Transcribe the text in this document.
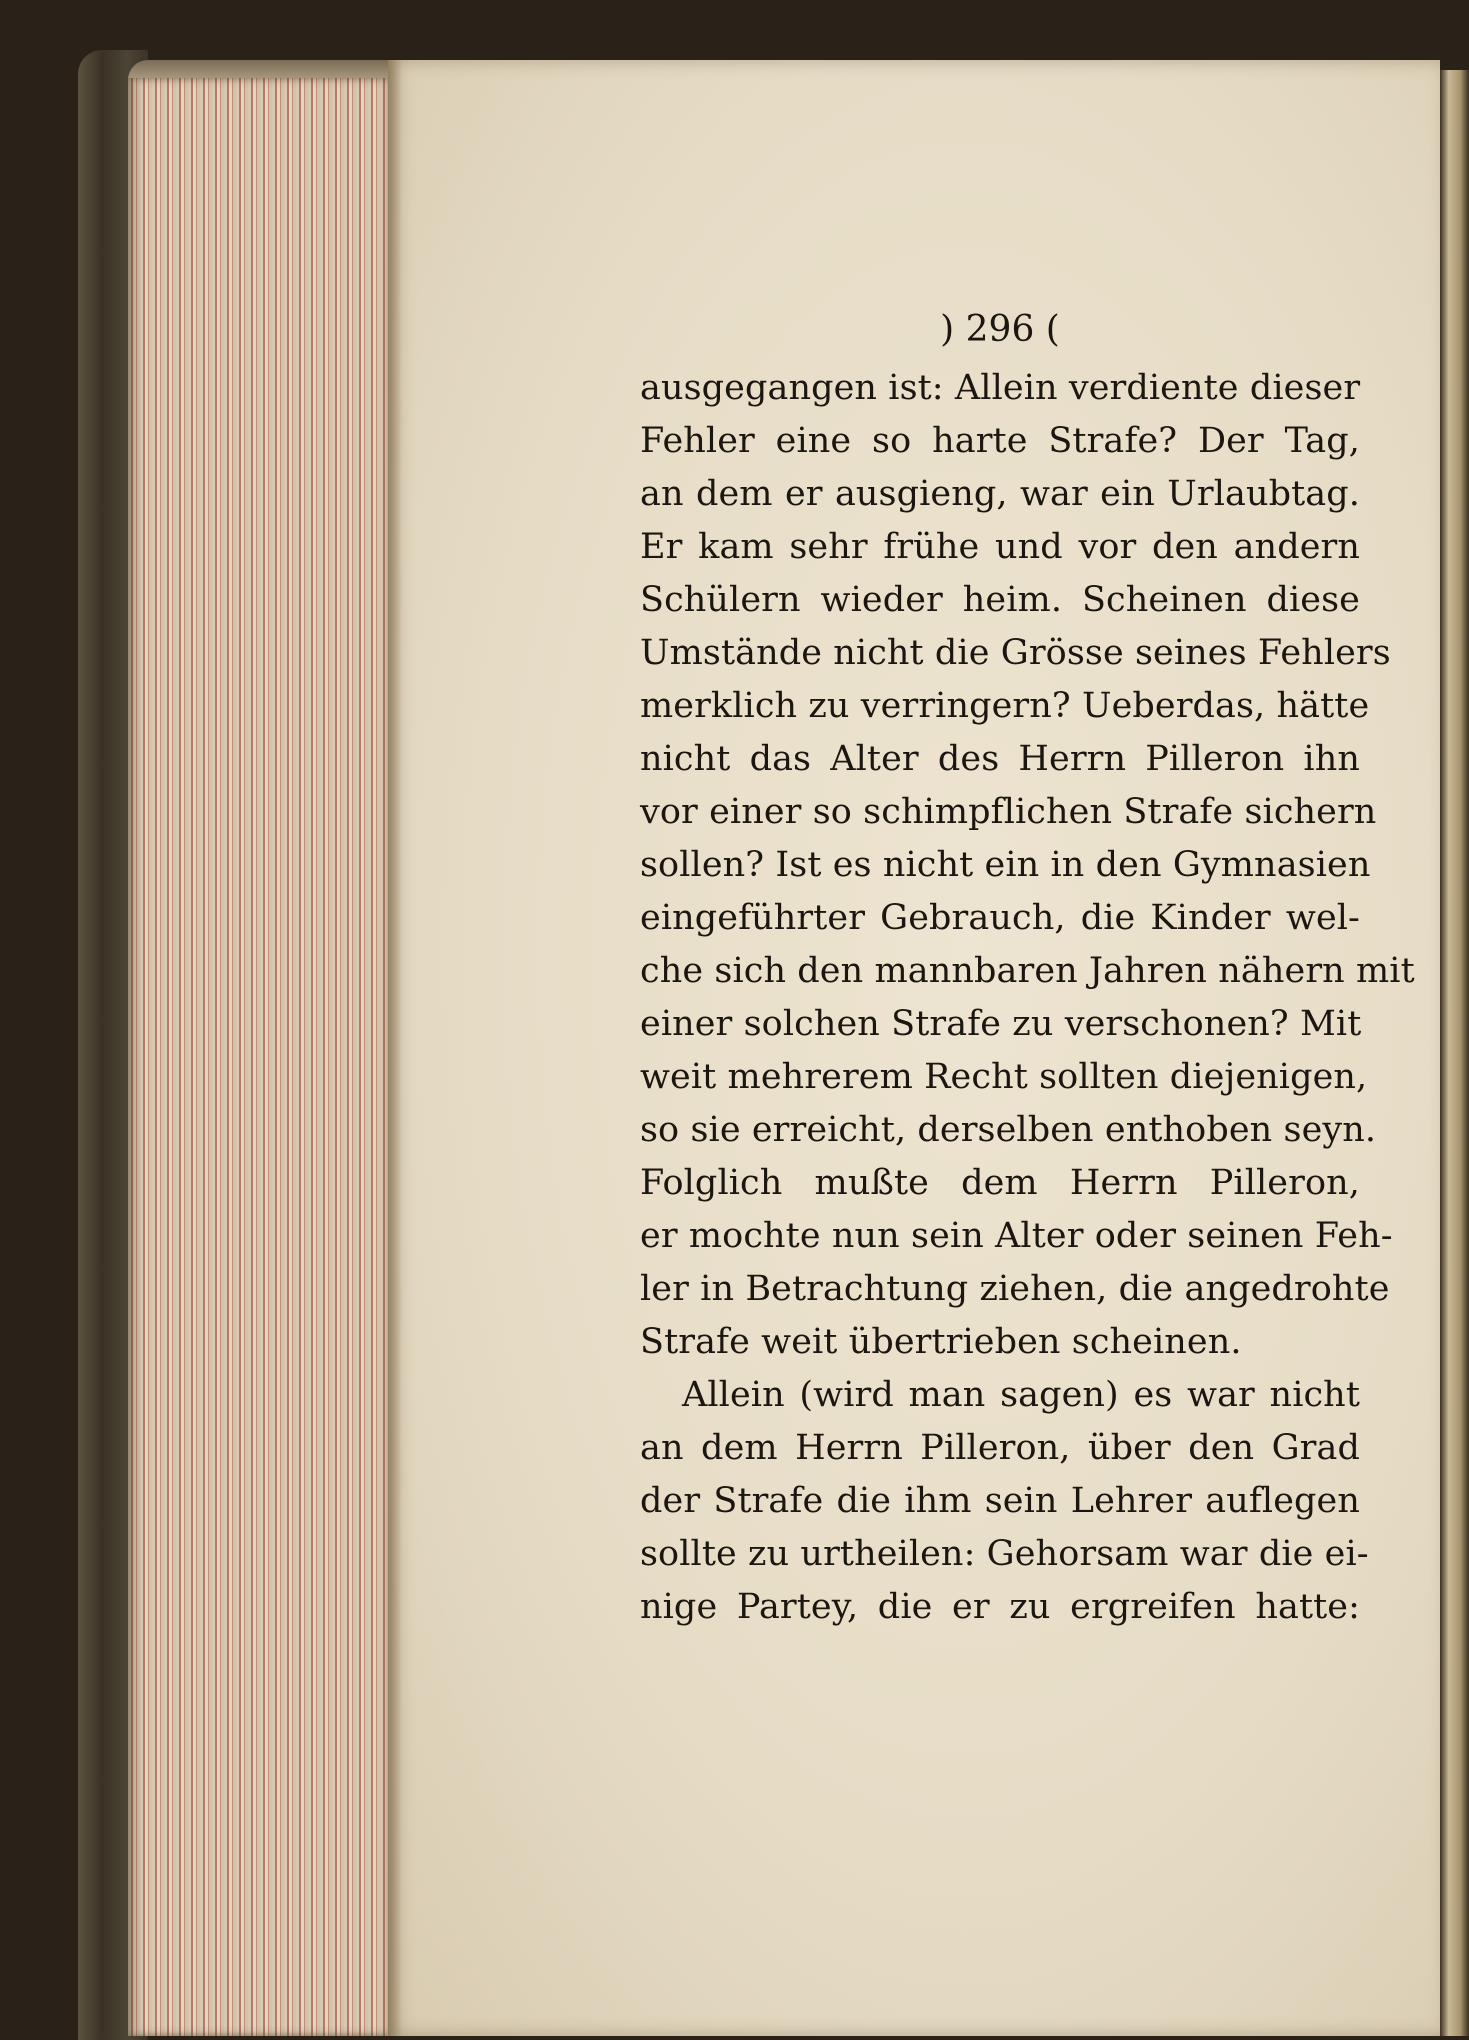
) 296 (
ausgegangen ist: Allein verdiente dieser
Fehler eine so harte Strafe? Der Tag,
an dem er ausgieng, war ein Urlaubtag.
Er kam sehr frühe und vor den andern
Schülern wieder heim. Scheinen diese
Umstände nicht die Grösse seines Fehlers
merklich zu verringern? Ueberdas, hätte
nicht das Alter des Herrn Pilleron ihn
vor einer so schimpflichen Strafe sichern
sollen? Ist es nicht ein in den Gymnasien
eingeführter Gebrauch, die Kinder wel-
che sich den mannbaren Jahren nähern mit
einer solchen Strafe zu verschonen? Mit
weit mehrerem Recht sollten diejenigen,
so sie erreicht, derselben enthoben seyn.
Folglich mußte dem Herrn Pilleron,
er mochte nun sein Alter oder seinen Feh-
ler in Betrachtung ziehen, die angedrohte
Strafe weit übertrieben scheinen.
Allein (wird man sagen) es war nicht
an dem Herrn Pilleron, über den Grad
der Strafe die ihm sein Lehrer auflegen
sollte zu urtheilen: Gehorsam war die ei-
nige Partey, die er zu ergreifen hatte:
